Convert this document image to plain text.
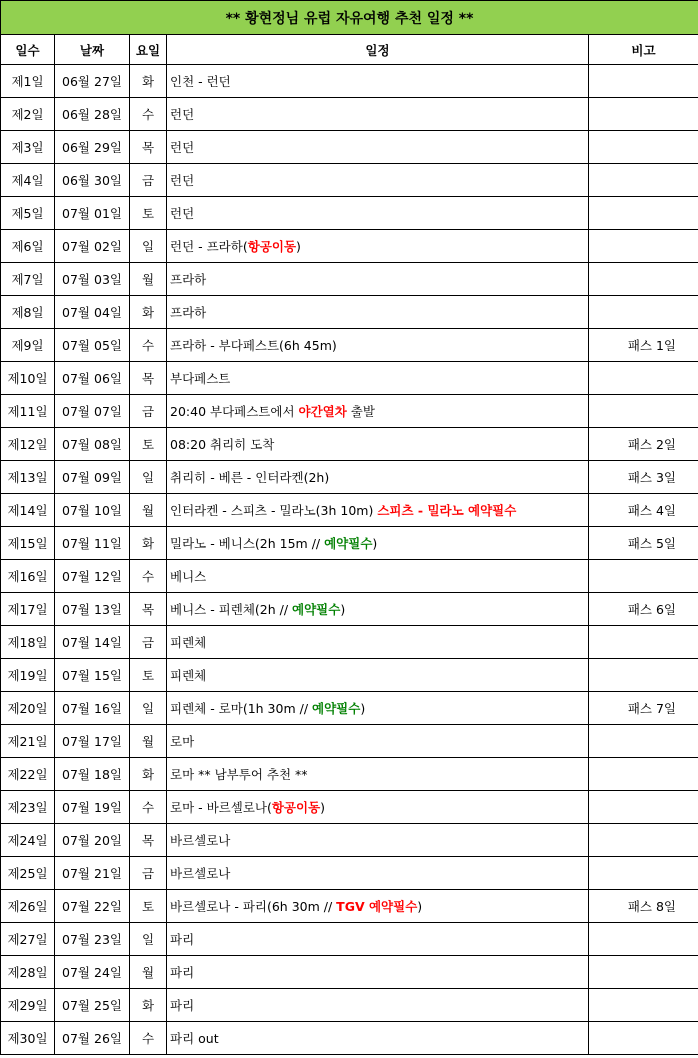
** 황현정님 유럽 자유여행 추천 일정 **				
일수	날짜	요일	일정	비고
제1일	06월 27일	화	인천 - 런던	
제2일	06월 28일	수	런던	
제3일	06월 29일	목	런던	
제4일	06월 30일	금	런던	
제5일	07월 01일	토	런던	
제6일	07월 02일	일	런던 - 프라하(항공이동)	
제7일	07월 03일	월	프라하	
제8일	07월 04일	화	프라하	
제9일	07월 05일	수	프라하 - 부다페스트(6h 45m)	패스 1일
제10일	07월 06일	목	부다페스트	
제11일	07월 07일	금	20:40 부다페스트에서 야간열차 출발	
제12일	07월 08일	토	08:20 취리히 도착	패스 2일
제13일	07월 09일	일	취리히 - 베른 - 인터라켄(2h)	패스 3일
제14일	07월 10일	월	인터라켄 - 스피츠 - 밀라노(3h 10m) 스피츠 - 밀라노 예약필수	패스 4일
제15일	07월 11일	화	밀라노 - 베니스(2h 15m // 예약필수)	패스 5일
제16일	07월 12일	수	베니스	
제17일	07월 13일	목	베니스 - 피렌체(2h // 예약필수)	패스 6일
제18일	07월 14일	금	피렌체	
제19일	07월 15일	토	피렌체	
제20일	07월 16일	일	피렌체 - 로마(1h 30m // 예약필수)	패스 7일
제21일	07월 17일	월	로마	
제22일	07월 18일	화	로마 ** 남부투어 추천 **	
제23일	07월 19일	수	로마 - 바르셀로나(항공이동)	
제24일	07월 20일	목	바르셀로나	
제25일	07월 21일	금	바르셀로나	
제26일	07월 22일	토	바르셀로나 - 파리(6h 30m // TGV 예약필수)	패스 8일
제27일	07월 23일	일	파리	
제28일	07월 24일	월	파리	
제29일	07월 25일	화	파리	
제30일	07월 26일	수	파리 out	
